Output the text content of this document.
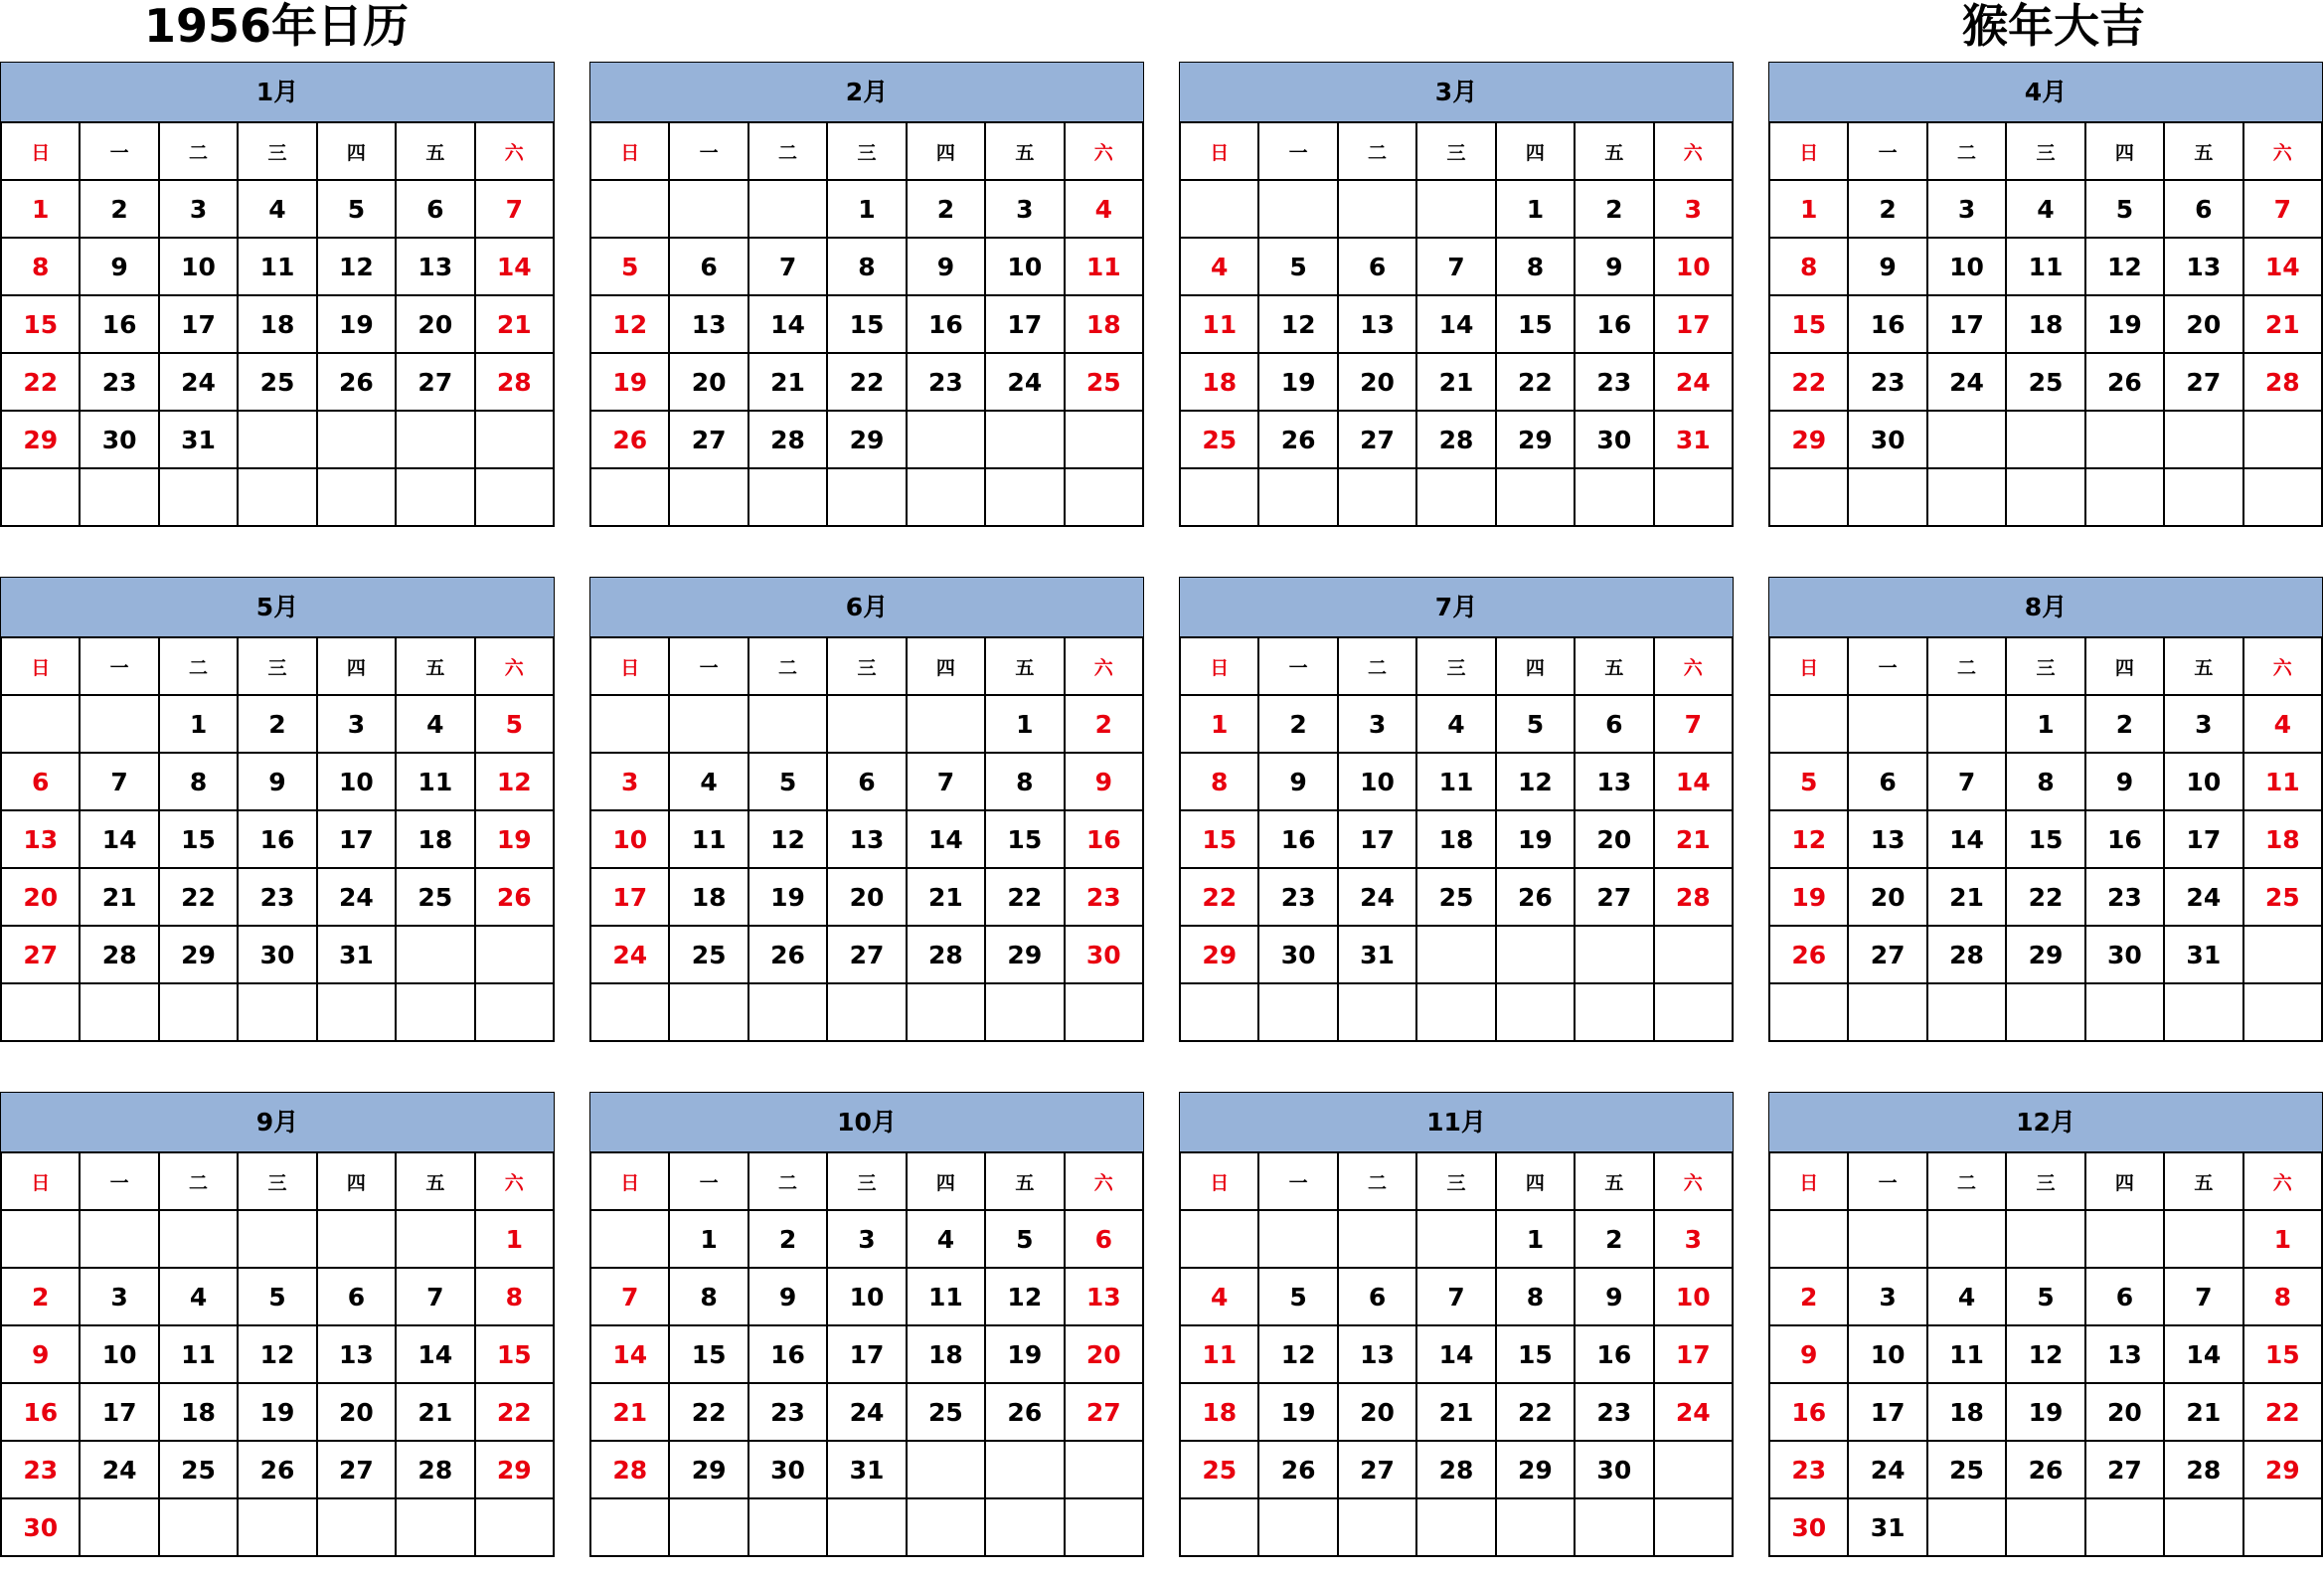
1956年日历	猴年大吉
1月
日	一	二	三	四	五	六
1	2	3	4	5	6	7
8	9	10	11	12	13	14
15	16	17	18	19	20	21
22	23	24	25	26	27	28
29	30	31				

2月
日	一	二	三	四	五	六
			1	2	3	4
5	6	7	8	9	10	11
12	13	14	15	16	17	18
19	20	21	22	23	24	25
26	27	28	29			

3月
日	一	二	三	四	五	六
				1	2	3
4	5	6	7	8	9	10
11	12	13	14	15	16	17
18	19	20	21	22	23	24
25	26	27	28	29	30	31

4月
日	一	二	三	四	五	六
1	2	3	4	5	6	7
8	9	10	11	12	13	14
15	16	17	18	19	20	21
22	23	24	25	26	27	28
29	30					

5月
日	一	二	三	四	五	六
		1	2	3	4	5
6	7	8	9	10	11	12
13	14	15	16	17	18	19
20	21	22	23	24	25	26
27	28	29	30	31		

6月
日	一	二	三	四	五	六
					1	2
3	4	5	6	7	8	9
10	11	12	13	14	15	16
17	18	19	20	21	22	23
24	25	26	27	28	29	30

7月
日	一	二	三	四	五	六
1	2	3	4	5	6	7
8	9	10	11	12	13	14
15	16	17	18	19	20	21
22	23	24	25	26	27	28
29	30	31				

8月
日	一	二	三	四	五	六
			1	2	3	4
5	6	7	8	9	10	11
12	13	14	15	16	17	18
19	20	21	22	23	24	25
26	27	28	29	30	31	

9月
日	一	二	三	四	五	六
						1
2	3	4	5	6	7	8
9	10	11	12	13	14	15
16	17	18	19	20	21	22
23	24	25	26	27	28	29
30						
10月
日	一	二	三	四	五	六
	1	2	3	4	5	6
7	8	9	10	11	12	13
14	15	16	17	18	19	20
21	22	23	24	25	26	27
28	29	30	31			

11月
日	一	二	三	四	五	六
				1	2	3
4	5	6	7	8	9	10
11	12	13	14	15	16	17
18	19	20	21	22	23	24
25	26	27	28	29	30	

12月
日	一	二	三	四	五	六
						1
2	3	4	5	6	7	8
9	10	11	12	13	14	15
16	17	18	19	20	21	22
23	24	25	26	27	28	29
30	31					
